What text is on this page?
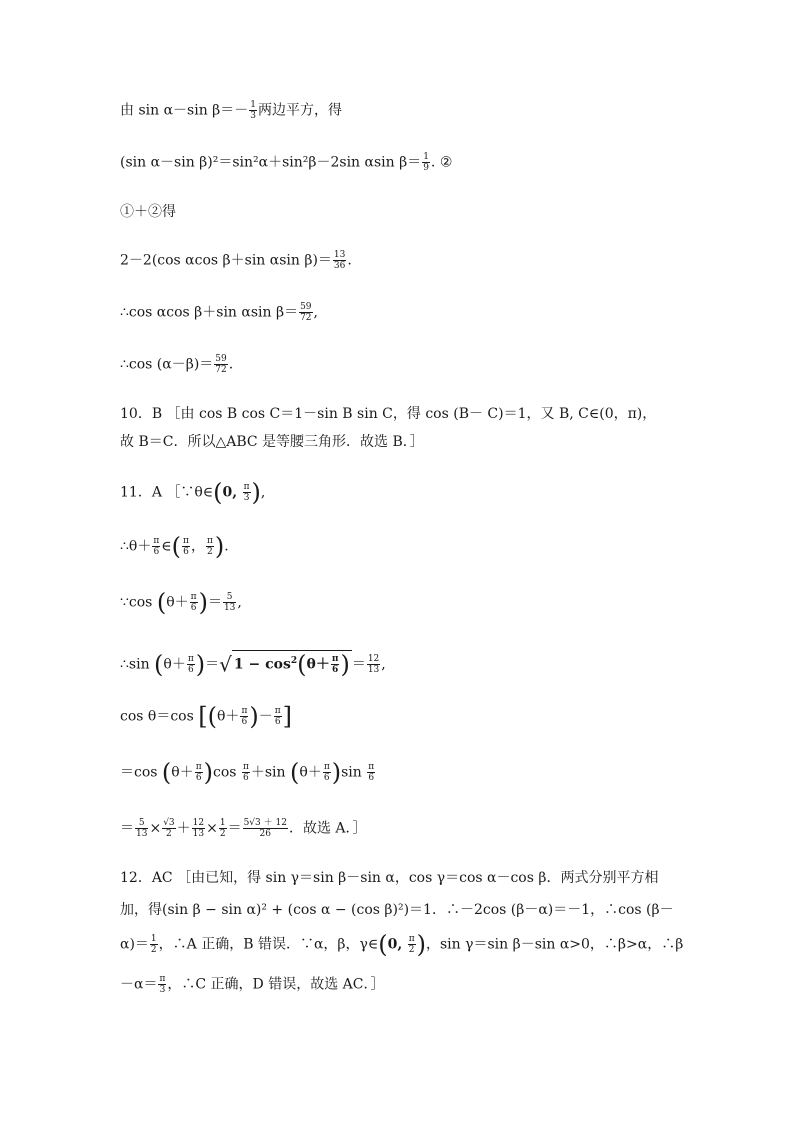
由 sin α－sin $\beta=- \frac{1}{3}$ 两边平方，得
(sin α－sin β)²＝sin²α＋sin²β－2sin αsin $\beta= \frac{1}{9}$ . ②
①＋②得
2－2(cos αcos β＋sin αsin $\beta)= \frac{13}{36}$ .
∴cos αcos β＋sin αsin $\beta= \frac{59}{72}$ ,
∴cos $(\alpha-\beta)= \frac{59}{72}$ .
10．B ［由 cos B cos C＝1－sin B sin C，得 cos (B－ C)＝1，又 B, C∈(0，π)，
故 B＝C．所以△ABC 是等腰三角形．故选 B．］
11．A ［∵θ∈(0, $\frac{\pi}{3}$ ),
∴θ＋ $\frac{\pi}{6}$ ∈( $\frac{\pi}{6}$ ， $\frac{\pi}{2}$ ).
∵cos ($\theta+ \frac{\pi}{6}$ )＝ $\frac{5}{13}$ ,
∴sin ($\theta+ \frac{\pi}{6}$ )＝√ $1 - \cos^2(\theta+ \frac{\pi}{6}$ ) ＝ $\frac{12}{13}$ ,
cos θ＝cos [($\theta+ \frac{\pi}{6}$ )－ $\frac{\pi}{6}$ ]
＝cos $(\theta+ \frac{\pi}{6} )\cos \frac{\pi}{6} +\sin$ $(\theta+ \frac{\pi}{6} )\sin \frac{\pi}{6}$
＝ $\frac{5}{13} \times \frac{√3}{2} + \frac{12}{13} \times \frac{1}{2} = \frac{5√3 + 12}{26}$ ．故选 A．］
12．AC ［由已知，得 sin γ＝sin β－sin α，cos γ＝cos α－cos β．两式分别平方相
加，得(sin β − sin α)² + (cos α − (cos β)²)＝1．∴－2cos (β－α)＝－1，∴cos (β－
$\alpha)= \frac{1}{2}$ ，∴A 正确，B 错误．∵α，β，γ∈(0, $\frac{\pi}{2}$ )，sin γ＝sin β－sin α>0，∴β>α，∴β
$-\alpha= \frac{\pi}{3}$ ，∴C 正确，D 错误，故选 AC．］
